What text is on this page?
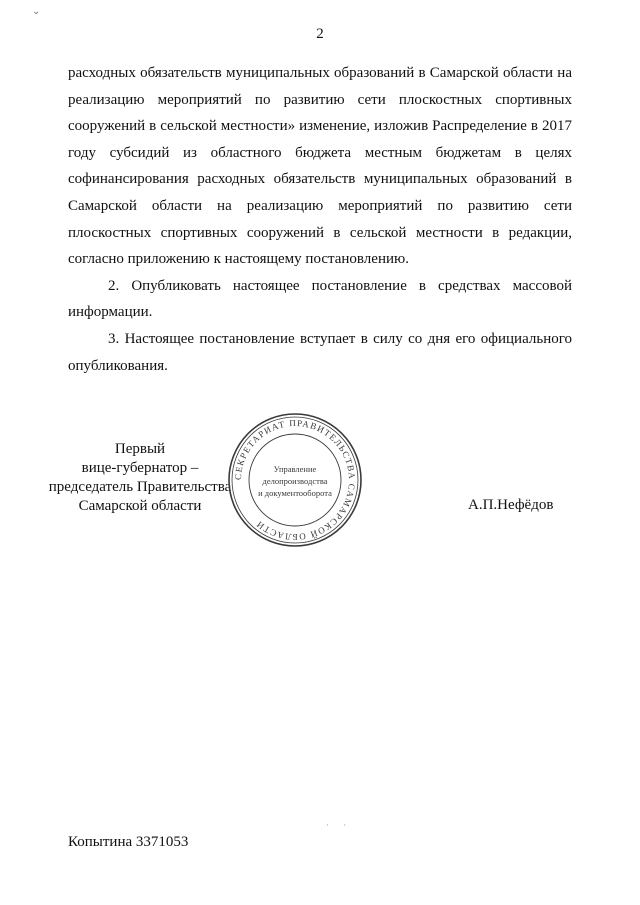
⌄
2

расходных обязательств муниципальных образований в Самарской области на реализацию мероприятий по развитию сети плоскостных спортивных сооружений в сельской местности» изменение, изложив Распределение в 2017 году субсидий из областного бюджета местным бюджетам в целях софинансирования расходных обязательств муниципальных образований в Самарской области на реализацию мероприятий по развитию сети плоскостных спортивных сооружений в сельской местности в редакции, согласно приложению к настоящему постановлению.

2. Опубликовать настоящее постановление в средствах массовой информации.

3. Настоящее постановление вступает в силу со дня его официального опубликования.

Первый
вице-губернатор –
председатель Правительства
Самарской области
СЕКРЕТАРИАТ ПРАВИТЕЛЬСТВА САМАРСКОЙ ОБЛАСТИ
Управление
делопроизводства
и документооборота
А.П.Нефёдов
· ·
Копытина 3371053
